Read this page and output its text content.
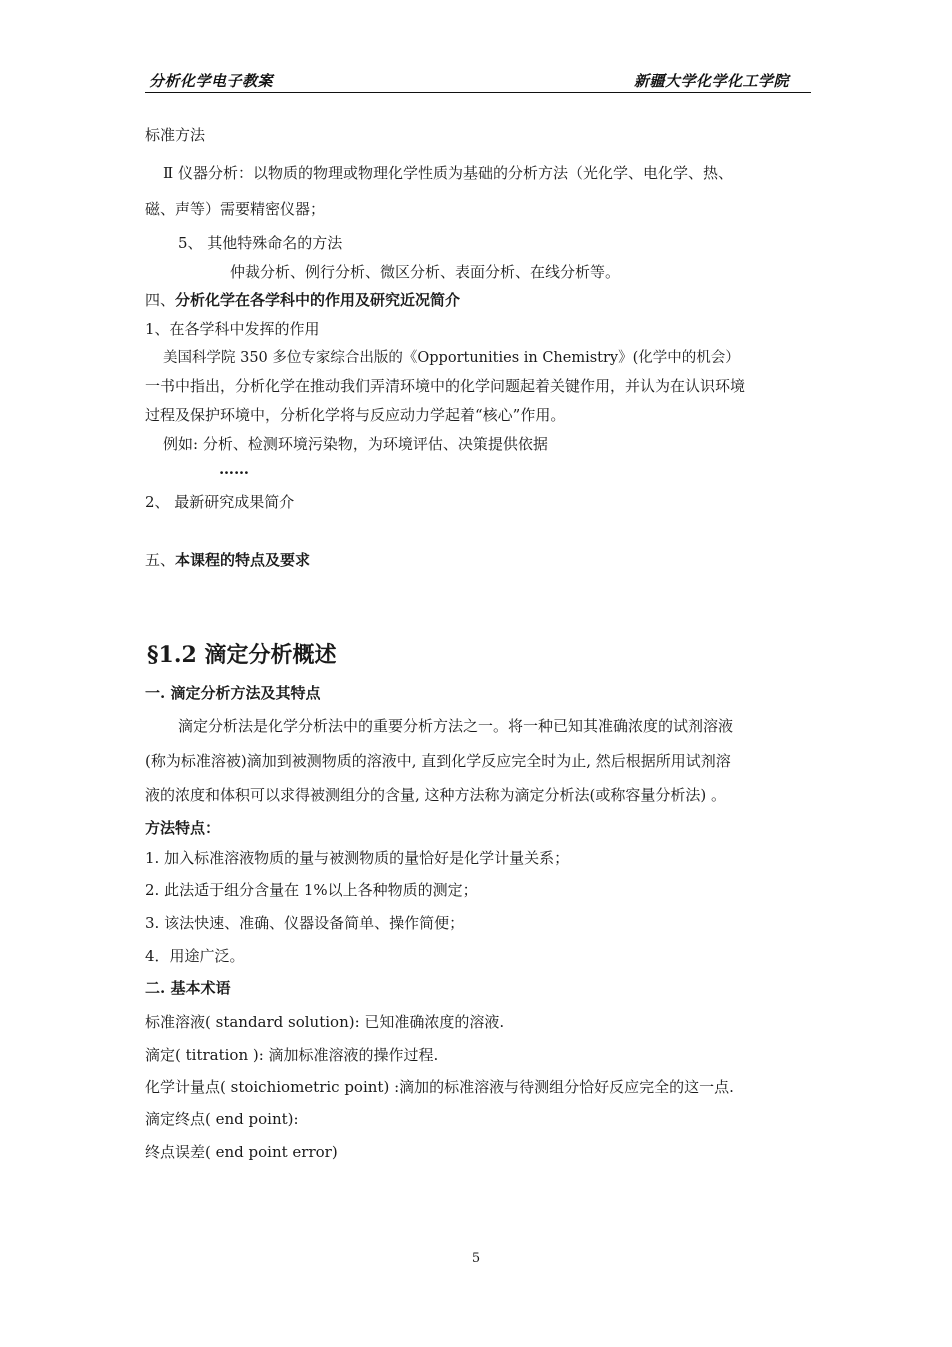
分析化学电子教案	新疆大学化学化工学院
标准方法
Ⅱ 仪器分析：以物质的物理或物理化学性质为基础的分析方法（光化学、电化学、热、
磁、声等）需要精密仪器；
5、 其他特殊命名的方法
仲裁分析、例行分析、微区分析、表面分析、在线分析等。
四、分析化学在各学科中的作用及研究近况简介
1、在各学科中发挥的作用
美国科学院 350 多位专家综合出版的《Opportunities in Chemistry》(化学中的机会）
一书中指出，分析化学在推动我们弄清环境中的化学问题起着关键作用，并认为在认识环境
过程及保护环境中，分析化学将与反应动力学起着“核心”作用。
例如: 分析、检测环境污染物，为环境评估、决策提供依据
……
2、 最新研究成果简介
五、本课程的特点及要求
§1.2 滴定分析概述
一. 滴定分析方法及其特点
滴定分析法是化学分析法中的重要分析方法之一。将一种已知其准确浓度的试剂溶液
(称为标准溶被)滴加到被测物质的溶液中, 直到化学反应完全时为止, 然后根据所用试剂溶
液的浓度和体积可以求得被测组分的含量, 这种方法称为滴定分析法(或称容量分析法) 。
方法特点：
1. 加入标准溶液物质的量与被测物质的量恰好是化学计量关系；
2. 此法适于组分含量在 1%以上各种物质的测定；
3. 该法快速、准确、仪器设备简单、操作简便；
4．用途广泛。
二. 基本术语
标准溶液( standard solution): 已知准确浓度的溶液.
滴定( titration ): 滴加标准溶液的操作过程.
化学计量点( stoichiometric point) :滴加的标准溶液与待测组分恰好反应完全的这一点.
滴定终点( end point):
终点误差( end point error)
5
